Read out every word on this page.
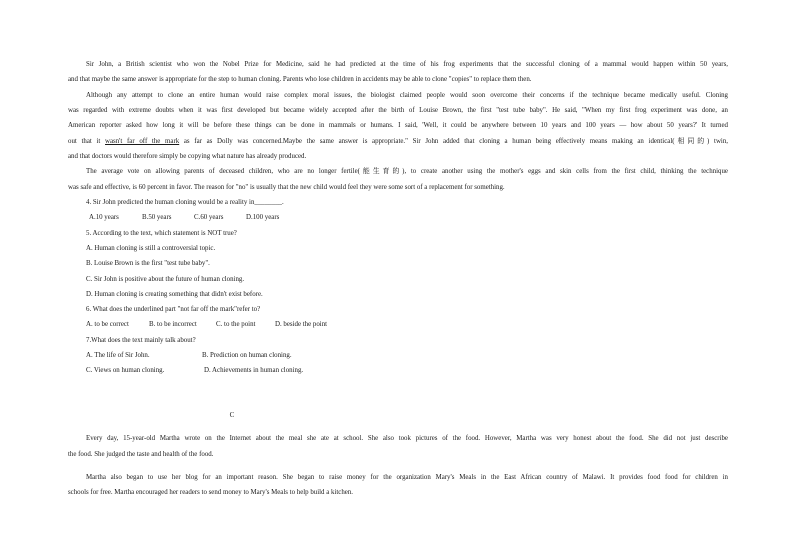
Sir John, a British scientist who won the Nobel Prize for Medicine, said he had predicted at the time of his frog experiments that the successful cloning of a mammal would happen within 50 years,
and that maybe the same answer is appropriate for the step to human cloning. Parents who lose children in accidents may be able to clone "copies" to replace them then.
Although any attempt to clone an entire human would raise complex moral issues, the biologist claimed people would soon overcome their concerns if the technique became medically useful. Cloning
was regarded with extreme doubts when it was first developed but became widely accepted after the birth of Louise Brown, the first "test tube baby". He said, "When my first frog experiment was done, an
American reporter asked how long it will be before these things can be done in mammals or humans. I said, 'Well, it could be anywhere between 10 years and 100 years — how about 50 years?' It turned
out that it wasn't far off the mark as far as Dolly was concerned.Maybe the same answer is appropriate." Sir John added that cloning a human being effectively means making an identical(相同的) twin,
and that doctors would therefore simply be copying what nature has already produced.
The average vote on allowing parents of deceased children, who are no longer fertile(能生育的), to create another using the mother's eggs and skin cells from the first child, thinking the technique
was safe and effective, is 60 percent in favor. The reason for "no" is usually that the new child would feel they were some sort of a replacement for something.
4. Sir John predicted the human cloning would be a reality in________.
A.10 years	B.50 years	C.60 years	D.100 years
5. According to the text, which statement is NOT true?
A. Human cloning is still a controversial topic.
B. Louise Brown is the first "test tube baby".
C. Sir John is positive about the future of human cloning.
D. Human cloning is creating something that didn't exist before.
6. What does the underlined part "not far off the mark"refer to?
A. to be correct	B. to be incorrect	C. to the point	D. beside the point
7.What does the text mainly talk about?
A. The life of Sir John.	B. Prediction on human cloning.
C. Views on human cloning.	D. Achievements in human cloning.
C
Every day, 15-year-old Martha wrote on the Internet about the meal she ate at school. She also took pictures of the food. However, Martha was very honest about the food. She did not just describe
the food. She judged the taste and health of the food.
Martha also began to use her blog for an important reason. She began to raise money for the organization Mary's Meals in the East African country of Malawi. It provides food food for children in
schools for free. Martha encouraged her readers to send money to Mary's Meals to help build a kitchen.
